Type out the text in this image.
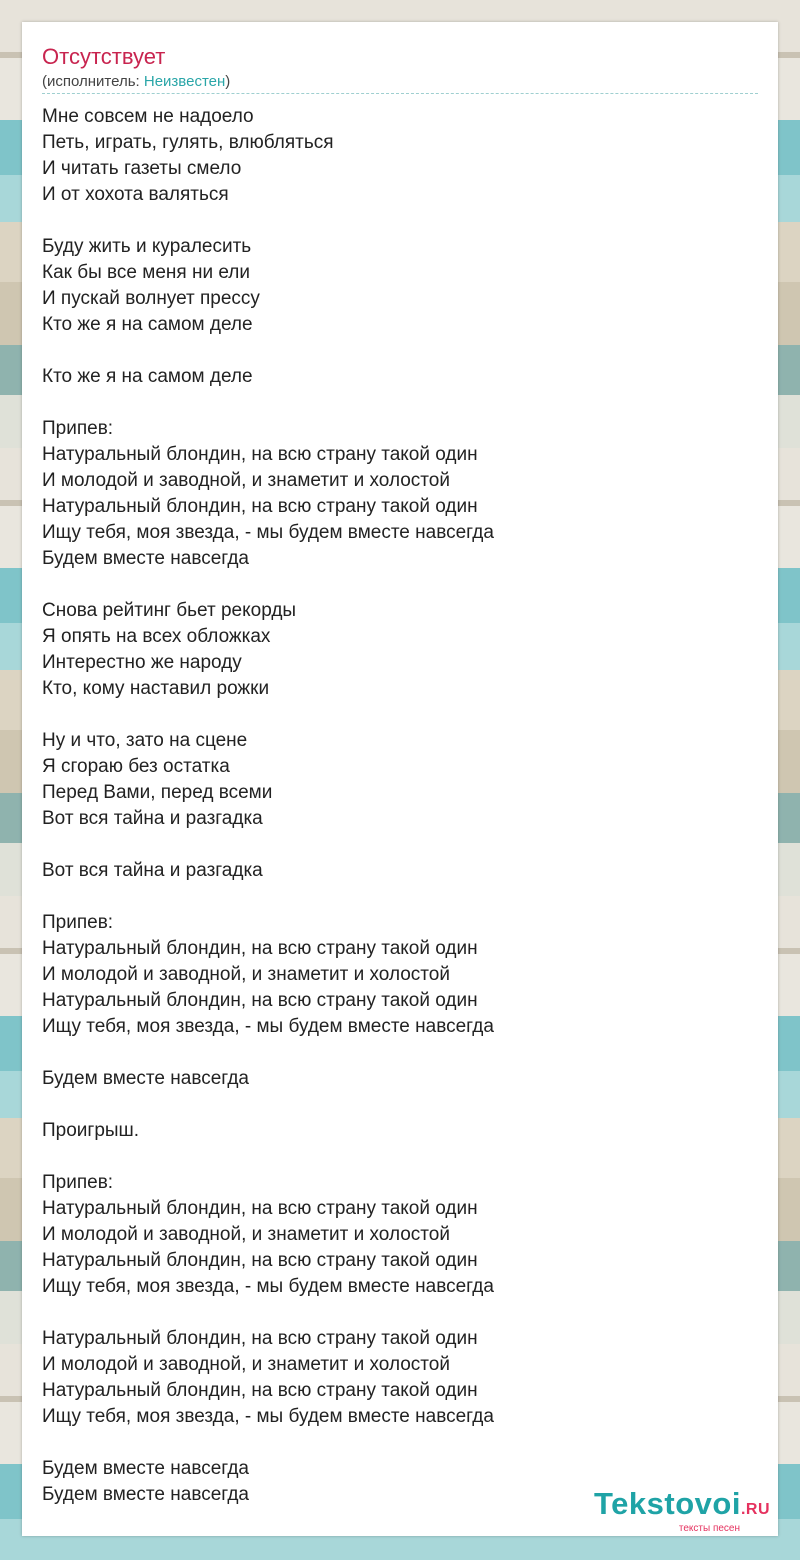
Отсутствует
(исполнитель: Неизвестен)
Мне совсем не надоело
Петь, играть, гулять, влюбляться
И читать газеты смело
И от хохота валяться
Буду жить и куралесить
Как бы все меня ни ели
И пускай волнует прессу
Кто же я на самом деле
Кто же я на самом деле
Припев:
Натуральный блондин, на всю страну такой один
И молодой и заводной, и знаметит и холостой
Натуральный блондин, на всю страну такой один
Ищу тебя, моя звезда, - мы будем вместе навсегда
Будем вместе навсегда
Снова рейтинг бьет рекорды
Я опять на всех обложках
Интерестно же народу
Кто, кому наставил рожки
Ну и что, зато на сцене
Я сгораю без остатка
Перед Вами, перед всеми
Вот вся тайна и разгадка
Вот вся тайна и разгадка
Припев:
Натуральный блондин, на всю страну такой один
И молодой и заводной, и знаметит и холостой
Натуральный блондин, на всю страну такой один
Ищу тебя, моя звезда, - мы будем вместе навсегда
Будем вместе навсегда
Проигрыш.
Припев:
Натуральный блондин, на всю страну такой один
И молодой и заводной, и знаметит и холостой
Натуральный блондин, на всю страну такой один
Ищу тебя, моя звезда, - мы будем вместе навсегда
Натуральный блондин, на всю страну такой один
И молодой и заводной, и знаметит и холостой
Натуральный блондин, на всю страну такой один
Ищу тебя, моя звезда, - мы будем вместе навсегда
Будем вместе навсегда
Будем вместе навсегда	Tekstovoi.RU
тексты песен
